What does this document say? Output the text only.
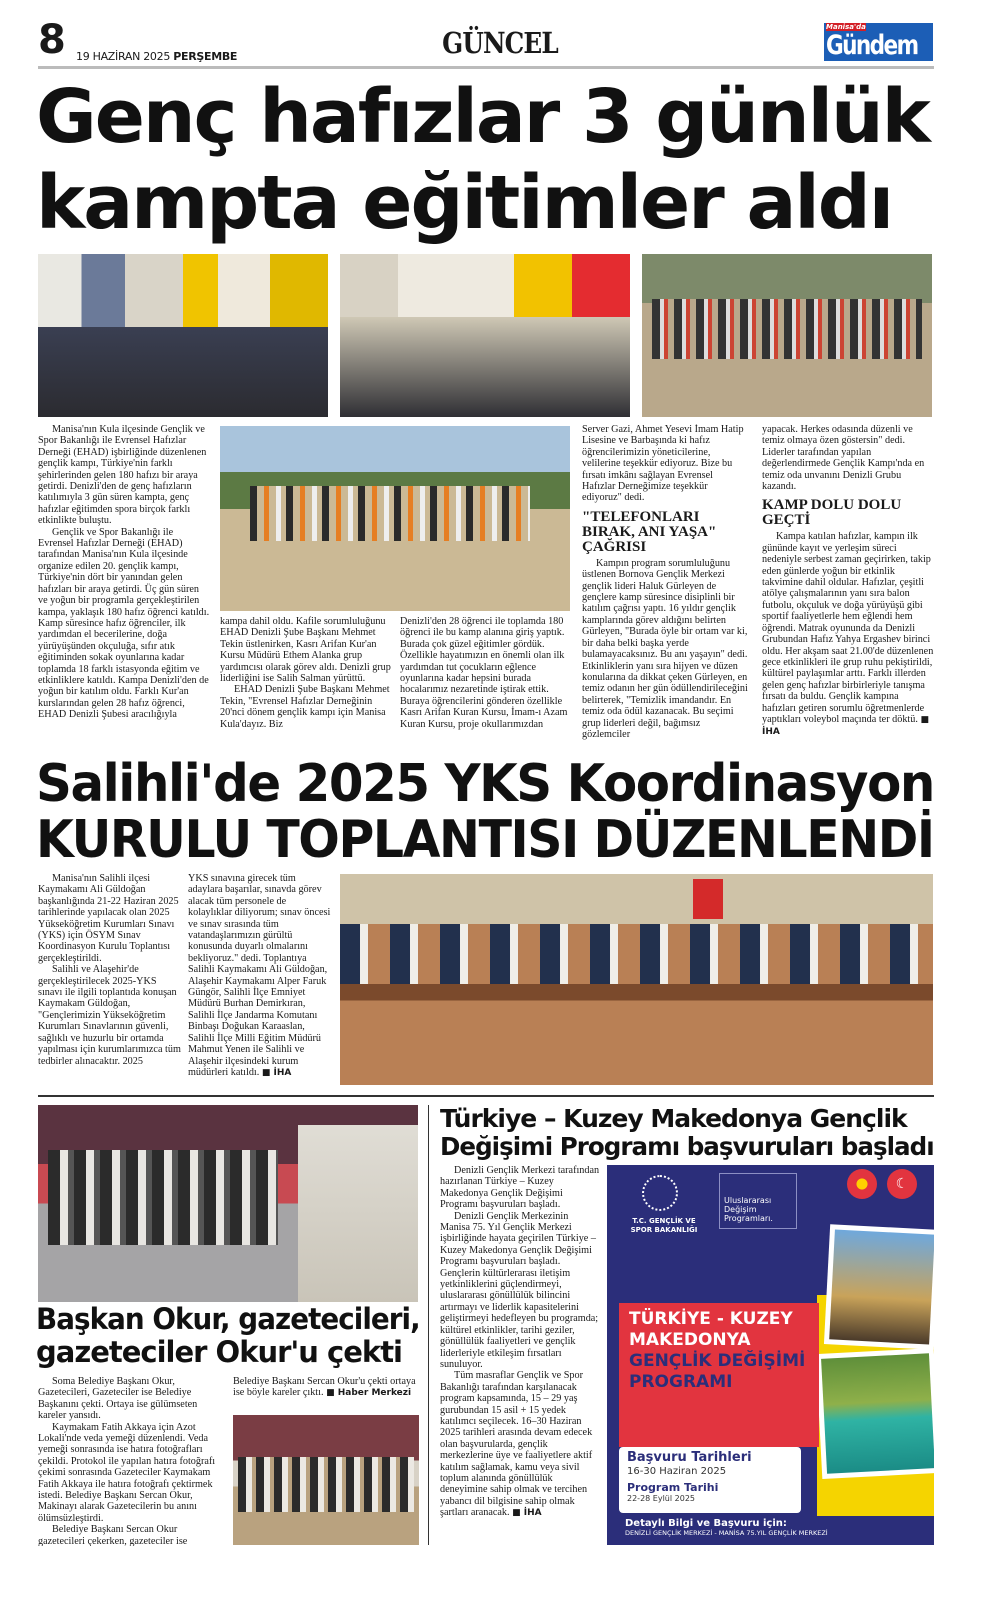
8 19 HAZİRAN 2025 PERŞEMBE	GÜNCEL	Manisa'da
Gündem
Genç hafızlar 3 günlük
kampta eğitimler aldı

Manisa'nın Kula ilçesinde Gençlik ve Spor Bakanlığı ile Evrensel Hafızlar Derneği (EHAD) işbirliğinde düzenlenen gençlik kampı, Türkiye'nin farklı şehirlerinden gelen 180 hafızı bir araya getirdi. Denizli'den de genç hafızların katılımıyla 3 gün süren kampta, genç hafızlar eğitimden spora birçok farklı etkinlikte buluştu.

Gençlik ve Spor Bakanlığı ile Evrensel Hafızlar Derneği (EHAD) tarafından Manisa'nın Kula ilçesinde organize edilen 20. gençlik kampı, Türkiye'nin dört bir yanından gelen hafızları bir araya getirdi. Üç gün süren ve yoğun bir programla gerçekleştirilen kampa, yaklaşık 180 hafız öğrenci katıldı. Kamp süresince hafız öğrenciler, ilk yardımdan el becerilerine, doğa yürüyüşünden okçuluğa, sıfır atık eğitiminden sokak oyunlarına kadar toplamda 18 farklı istasyonda eğitim ve etkinliklere katıldı. Kampa Denizli'den de yoğun bir katılım oldu. Farklı Kur'an kurslarından gelen 28 hafız öğrenci, EHAD Denizli Şubesi aracılığıyla

kampa dahil oldu. Kafile sorumluluğunu EHAD Denizli Şube Başkanı Mehmet Tekin üstlenirken, Kasrı Arifan Kur'an Kursu Müdürü Ethem Alanka grup yardımcısı olarak görev aldı. Denizli grup liderliğini ise Salih Salman yürüttü.

EHAD Denizli Şube Başkanı Mehmet Tekin, "Evrensel Hafızlar Derneğinin 20'nci dönem gençlik kampı için Manisa Kula'dayız. Biz

Denizli'den 28 öğrenci ile toplamda 180 öğrenci ile bu kamp alanına giriş yaptık. Burada çok güzel eğitimler gördük. Özellikle hayatımızın en önemli olan ilk yardımdan tut çocukların eğlence oyunlarına kadar hepsini burada hocalarımız nezaretinde iştirak ettik. Buraya öğrencilerini gönderen özellikle Kasrı Arifan Kuran Kursu, İmam-ı Azam Kuran Kursu, proje okullarımızdan

Server Gazi, Ahmet Yesevi İmam Hatip Lisesine ve Barbaşında ki hafız öğrencilerimizin yöneticilerine, velilerine teşekkür ediyoruz. Bize bu fırsatı imkânı sağlayan Evrensel Hafızlar Derneğimize teşekkür ediyoruz" dedi.

"TELEFONLARI BIRAK, ANI YAŞA" ÇAĞRISI

Kampın program sorumluluğunu üstlenen Bornova Gençlik Merkezi gençlik lideri Haluk Gürleyen de gençlere kamp süresince disiplinli bir katılım çağrısı yaptı. 16 yıldır gençlik kamplarında görev aldığını belirten Gürleyen, "Burada öyle bir ortam var ki, bir daha belki başka yerde bulamayacaksınız. Bu anı yaşayın" dedi. Etkinliklerin yanı sıra hijyen ve düzen konularına da dikkat çeken Gürleyen, en temiz odanın her gün ödüllendirileceğini belirterek, "Temizlik imandandır. En temiz oda ödül kazanacak. Bu seçimi grup liderleri değil, bağımsız gözlemciler

yapacak. Herkes odasında düzenli ve temiz olmaya özen göstersin" dedi. Liderler tarafından yapılan değerlendirmede Gençlik Kampı'nda en temiz oda unvanını Denizli Grubu kazandı.

KAMP DOLU DOLU GEÇTİ

Kampa katılan hafızlar, kampın ilk gününde kayıt ve yerleşim süreci nedeniyle serbest zaman geçirirken, takip eden günlerde yoğun bir etkinlik takvimine dahil oldular. Hafızlar, çeşitli atölye çalışmalarının yanı sıra balon futbolu, okçuluk ve doğa yürüyüşü gibi sportif faaliyetlerle hem eğlendi hem öğrendi. Matrak oyununda da Denizli Grubundan Hafız Yahya Ergashev birinci oldu. Her akşam saat 21.00'de düzenlenen gece etkinlikleri ile grup ruhu pekiştirildi, kültürel paylaşımlar arttı. Farklı illerden gelen genç hafızlar birbirleriyle tanışma fırsatı da buldu. Gençlik kampına hafızları getiren sorumlu öğretmenlerde yaptıkları voleybol maçında ter döktü. ■ İHA

Salihli'de 2025 YKS Koordinasyon
KURULU TOPLANTISI DÜZENLENDİ

Manisa'nın Salihli ilçesi Kaymakamı Ali Güldoğan başkanlığında 21-22 Haziran 2025 tarihlerinde yapılacak olan 2025 Yükseköğretim Kurumları Sınavı (YKS) için ÖSYM Sınav Koordinasyon Kurulu Toplantısı gerçekleştirildi.

Salihli ve Alaşehir'de gerçekleştirilecek 2025-YKS sınavı ile ilgili toplantıda konuşan Kaymakam Güldoğan, "Gençlerimizin Yükseköğretim Kurumları Sınavlarının güvenli, sağlıklı ve huzurlu bir ortamda yapılması için kurumlarımızca tüm tedbirler alınacaktır. 2025

YKS sınavına girecek tüm adaylara başarılar, sınavda görev alacak tüm personele de kolaylıklar diliyorum; sınav öncesi ve sınav sırasında tüm vatandaşlarımızın gürültü konusunda duyarlı olmalarını bekliyoruz." dedi. Toplantıya Salihli Kaymakamı Ali Güldoğan, Alaşehir Kaymakamı Alper Faruk Güngör, Salihli İlçe Emniyet Müdürü Burhan Demirkıran, Salihli İlçe Jandarma Komutanı Binbaşı Doğukan Karaaslan, Salihli İlçe Milli Eğitim Müdürü Mahmut Yenen ile Salihli ve Alaşehir ilçesindeki kurum müdürleri katıldı. ■ İHA

Başkan Okur, gazetecileri,
gazeteciler Okur'u çekti

Soma Belediye Başkanı Okur, Gazetecileri, Gazeteciler ise Belediye Başkanını çekti. Ortaya ise gülümseten kareler yansıdı.

Kaymakam Fatih Akkaya için Azot Lokali'nde veda yemeği düzenlendi. Veda yemeği sonrasında ise hatıra fotoğrafları çekildi. Protokol ile yapılan hatıra fotoğrafı çekimi sonrasında Gazeteciler Kaymakam Fatih Akkaya ile hatıra fotoğrafı çektirmek istedi. Belediye Başkanı Sercan Okur, Makinayı alarak Gazetecilerin bu anını ölümsüzleştirdi.

Belediye Başkanı Sercan Okur gazetecileri çekerken, gazeteciler ise

Belediye Başkanı Sercan Okur'u çekti ortaya ise böyle kareler çıktı. ■ Haber Merkezi

Türkiye – Kuzey Makedonya Gençlik
Değişimi Programı başvuruları başladı

Denizli Gençlik Merkezi tarafından hazırlanan Türkiye – Kuzey Makedonya Gençlik Değişimi Programı başvuruları başladı.

Denizli Gençlik Merkezinin Manisa 75. Yıl Gençlik Merkezi işbirliğinde hayata geçirilen Türkiye – Kuzey Makedonya Gençlik Değişimi Programı başvuruları başladı. Gençlerin kültürlerarası iletişim yetkinliklerini güçlendirmeyi, uluslararası gönüllülük bilincini artırmayı ve liderlik kapasitelerini geliştirmeyi hedefleyen bu programda; kültürel etkinlikler, tarihi geziler, gönüllülük faaliyetleri ve gençlik liderleriyle etkileşim fırsatları sunuluyor.

Tüm masraflar Gençlik ve Spor Bakanlığı tarafından karşılanacak program kapsamında, 15 – 29 yaş gurubundan 15 asil + 15 yedek katılımcı seçilecek. 16–30 Haziran 2025 tarihleri arasında devam edecek olan başvurularda, gençlik merkezlerine üye ve faaliyetlere aktif katılım sağlamak, kamu veya sivil toplum alanında gönüllülük deneyimine sahip olmak ve tercihen yabancı dil bilgisine sahip olmak şartları aranacak. ■ İHA

T.C. GENÇLİK VE SPOR BAKANLIĞI
Uluslararası Değişim Programları.
☾
TÜRKİYE - KUZEY MAKEDONYA
GENÇLİK DEĞİŞİMİ PROGRAMI
Başvuru Tarihleri
16-30 Haziran 2025
Program Tarihi
22-28 Eylül 2025
Detaylı Bilgi ve Başvuru için:
DENİZLİ GENÇLİK MERKEZİ - MANİSA 75.YIL GENÇLİK MERKEZİ
